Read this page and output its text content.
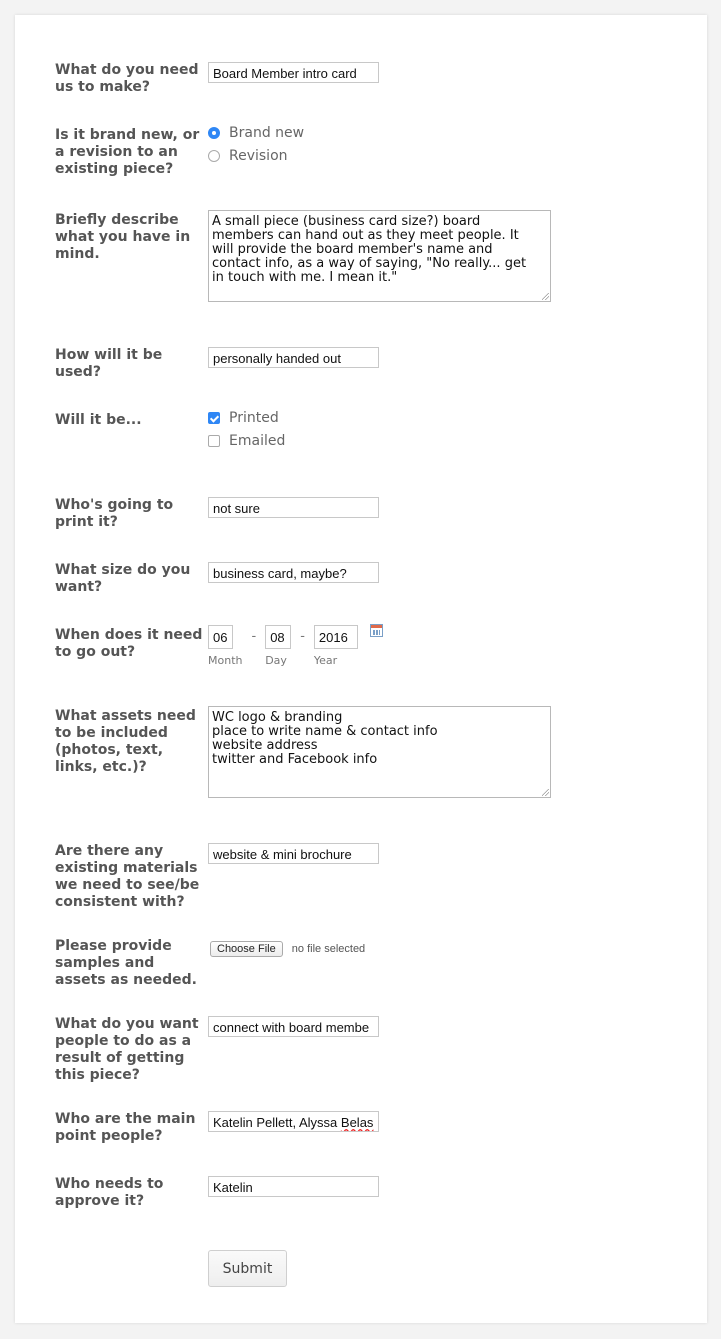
What do you need us to make?
Board Member intro card
Is it brand new, or a revision to an existing piece?
Brand new
Revision
Briefly describe what you have in mind.
A small piece (business card size?) board
members can hand out as they meet people. It
will provide the board member's name and
contact info, as a way of saying, "No really... get
in touch with me. I mean it."
How will it be used?
personally handed out
Will it be...	Printed
Emailed
Who's going to print it?
not sure
What size do you want?
business card, maybe?
When does it need to go out?
06
Month
-	08
Day
-	2016
Year
What assets need to be included (photos, text, links, etc.)?
WC logo & branding
place to write name & contact info
website address
twitter and Facebook info
Are there any existing materials we need to see/be consistent with?
website & mini brochure
Please provide samples and assets as needed.
Choose File no file selected
What do you want people to do as a result of getting this piece?
connect with board membe
Who are the main point people?
Katelin Pellett, Alyssa Belas
Who needs to approve it?
Katelin
Submit
